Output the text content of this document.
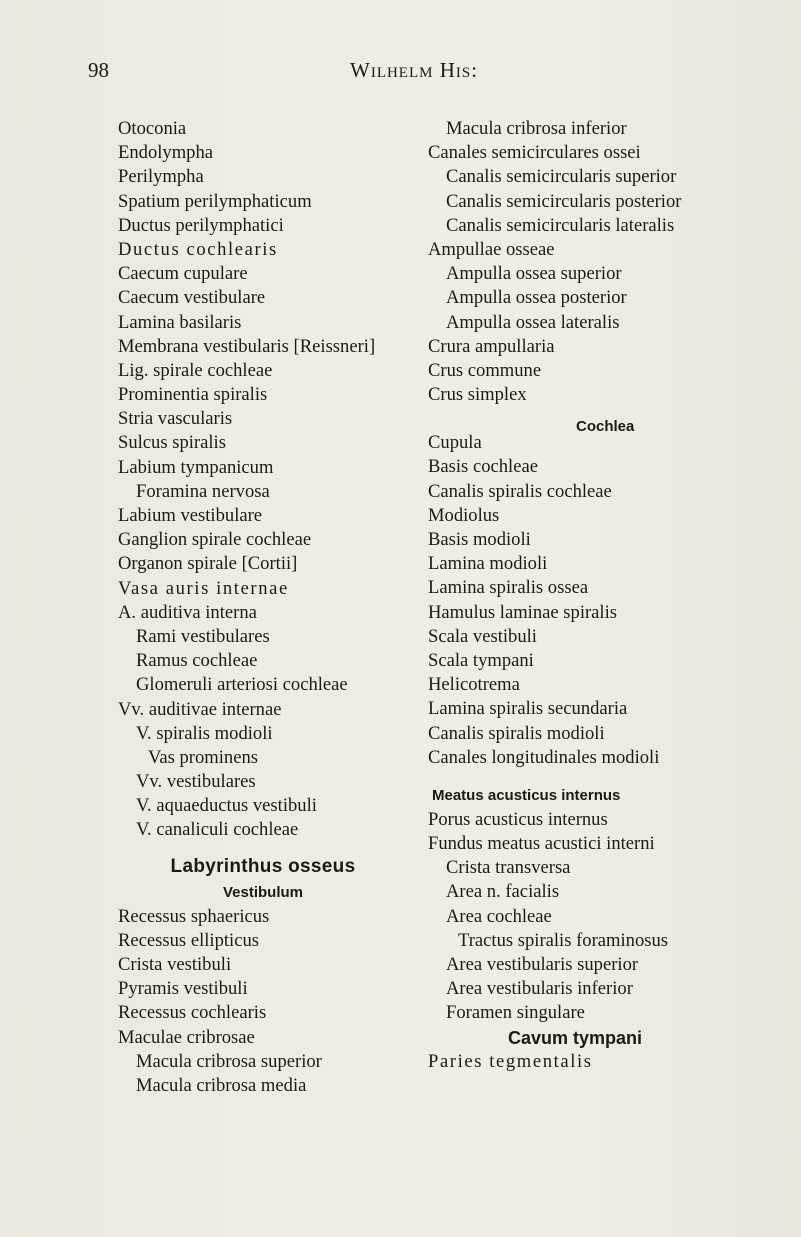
98	Wilhelm His:
Otoconia
Endolympha
Perilympha
Spatium perilymphaticum
Ductus perilymphatici
Ductus cochlearis
Caecum cupulare
Caecum vestibulare
Lamina basilaris
Membrana vestibularis [Reissneri]
Lig. spirale cochleae
Prominentia spiralis
Stria vascularis
Sulcus spiralis
Labium tympanicum
Foramina nervosa
Labium vestibulare
Ganglion spirale cochleae
Organon spirale [Cortii]
Vasa auris internae
A. auditiva interna
Rami vestibulares
Ramus cochleae
Glomeruli arteriosi cochleae
Vv. auditivae internae
V. spiralis modioli
Vas prominens
Vv. vestibulares
V. aquaeductus vestibuli
V. canaliculi cochleae
Labyrinthus osseus
Vestibulum
Recessus sphaericus
Recessus ellipticus
Crista vestibuli
Pyramis vestibuli
Recessus cochlearis
Maculae cribrosae
Macula cribrosa superior
Macula cribrosa media
Macula cribrosa inferior
Canales semicirculares ossei
Canalis semicircularis superior
Canalis semicircularis posterior
Canalis semicircularis lateralis
Ampullae osseae
Ampulla ossea superior
Ampulla ossea posterior
Ampulla ossea lateralis
Crura ampullaria
Crus commune
Crus simplex
Cochlea
Cupula
Basis cochleae
Canalis spiralis cochleae
Modiolus
Basis modioli
Lamina modioli
Lamina spiralis ossea
Hamulus laminae spiralis
Scala vestibuli
Scala tympani
Helicotrema
Lamina spiralis secundaria
Canalis spiralis modioli
Canales longitudinales modioli
Meatus acusticus internus
Porus acusticus internus
Fundus meatus acustici interni
Crista transversa
Area n. facialis
Area cochleae
Tractus spiralis foraminosus
Area vestibularis superior
Area vestibularis inferior
Foramen singulare
Cavum tympani
Paries tegmentalis
